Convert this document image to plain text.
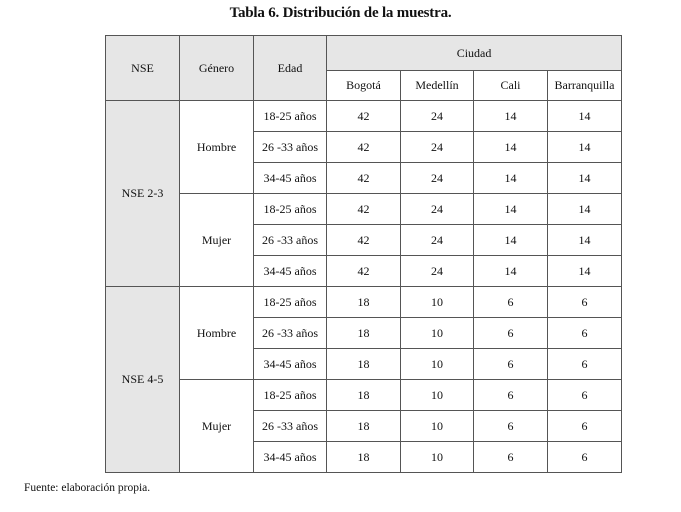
Tabla 6. Distribución de la muestra.
NSE	Género	Edad	Ciudad			
			Bogotá	Medellín	Cali	Barranquilla
NSE 2-3	Hombre	18-25 años	42	24	14	14
		26 -33 años	42	24	14	14
		34-45 años	42	24	14	14
	Mujer	18-25 años	42	24	14	14
		26 -33 años	42	24	14	14
		34-45 años	42	24	14	14
NSE 4-5	Hombre	18-25 años	18	10	6	6
		26 -33 años	18	10	6	6
		34-45 años	18	10	6	6
	Mujer	18-25 años	18	10	6	6
		26 -33 años	18	10	6	6
		34-45 años	18	10	6	6
Fuente: elaboración propia.
